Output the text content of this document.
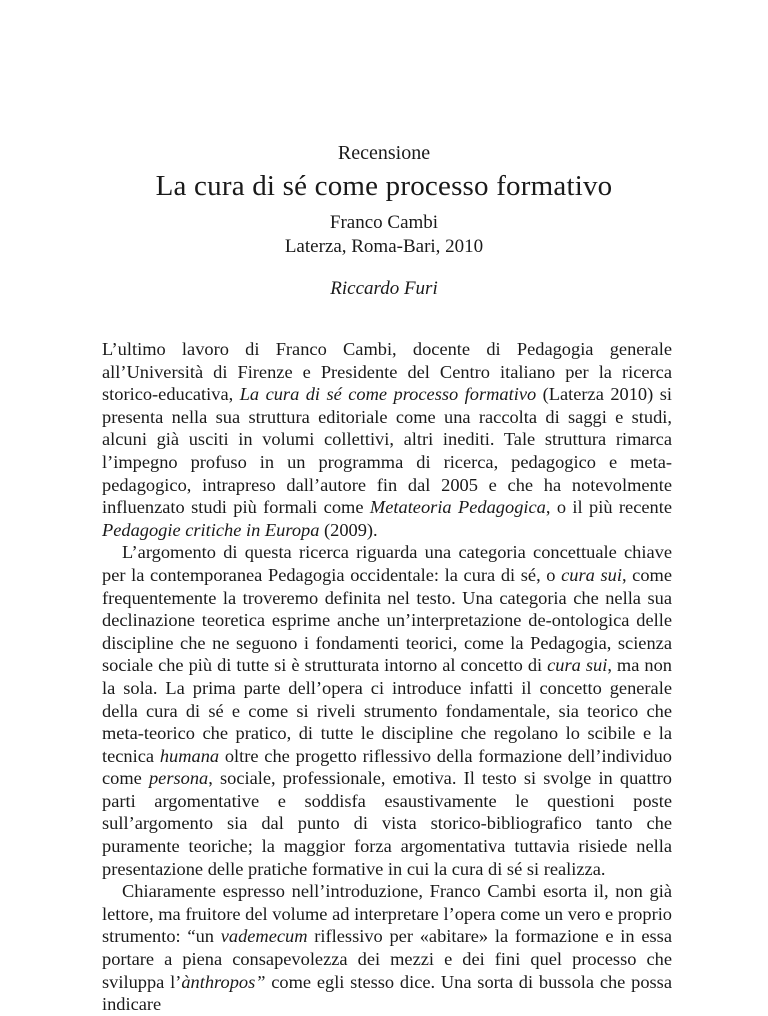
Recensione
La cura di sé come processo formativo
Franco Cambi
Laterza, Roma-Bari, 2010
Riccardo Furi

L’ultimo lavoro di Franco Cambi, docente di Pedagogia generale all’Università di Firenze e Presidente del Centro italiano per la ricerca storico-educativa, La cura di sé come processo formativo (Laterza 2010) si presenta nella sua struttura editoriale come una raccolta di saggi e studi, alcuni già usciti in volumi collettivi, altri inediti. Tale struttura rimarca l’impegno profuso in un programma di ricerca, pedagogico e meta-pedagogico, intrapreso dall’autore fin dal 2005 e che ha notevolmente influenzato studi più formali come Metateoria Pedagogica, o il più recente Pedagogie critiche in Europa (2009).

L’argomento di questa ricerca riguarda una categoria concettuale chiave per la contemporanea Pedagogia occidentale: la cura di sé, o cura sui, come frequentemente la troveremo definita nel testo. Una categoria che nella sua declinazione teoretica esprime anche un’interpretazione de-ontologica delle discipline che ne seguono i fondamenti teorici, come la Pedagogia, scienza sociale che più di tutte si è strutturata intorno al concetto di cura sui, ma non la sola. La prima parte dell’opera ci introduce infatti il concetto generale della cura di sé e come si riveli strumento fondamentale, sia teorico che meta-teorico che pratico, di tutte le discipline che regolano lo scibile e la tecnica humana oltre che progetto riflessivo della formazione dell’individuo come persona, sociale, professionale, emotiva. Il testo si svolge in quattro parti argomentative e soddisfa esaustivamente le questioni poste sull’argomento sia dal punto di vista storico-bibliografico tanto che puramente teoriche; la maggior forza argomentativa tuttavia risiede nella presentazione delle pratiche formative in cui la cura di sé si realizza.

Chiaramente espresso nell’introduzione, Franco Cambi esorta il, non già lettore, ma fruitore del volume ad interpretare l’opera come un vero e proprio strumento: “un vademecum riflessivo per «abitare» la formazione e in essa portare a piena consapevolezza dei mezzi e dei fini quel processo che sviluppa l’ànthropos” come egli stesso dice. Una sorta di bussola che possa indicare
